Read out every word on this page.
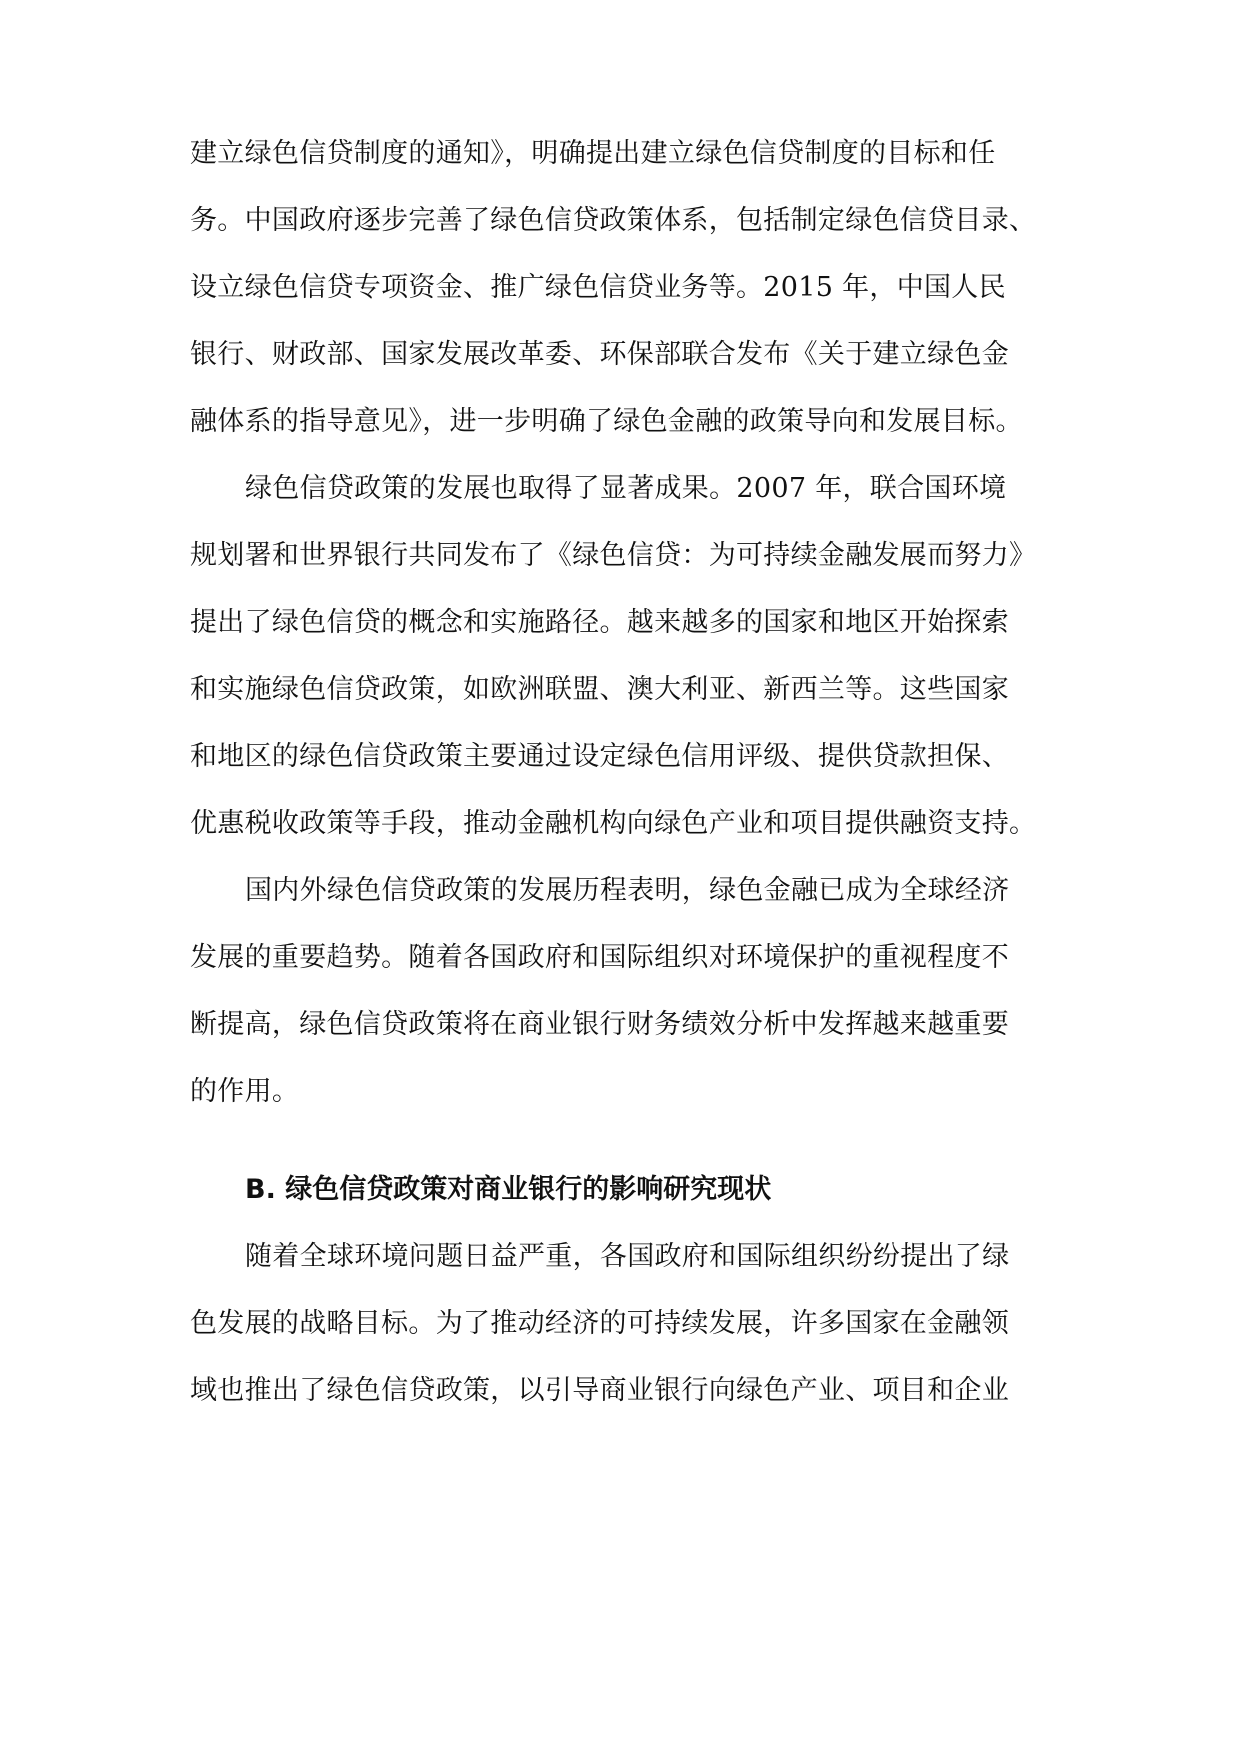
建立绿色信贷制度的通知》，明确提出建立绿色信贷制度的目标和任
务。中国政府逐步完善了绿色信贷政策体系，包括制定绿色信贷目录、
设立绿色信贷专项资金、推广绿色信贷业务等。2015 年，中国人民
银行、财政部、国家发展改革委、环保部联合发布《关于建立绿色金
融体系的指导意见》，进一步明确了绿色金融的政策导向和发展目标。
绿色信贷政策的发展也取得了显著成果。2007 年，联合国环境
规划署和世界银行共同发布了《绿色信贷：为可持续金融发展而努力》
提出了绿色信贷的概念和实施路径。越来越多的国家和地区开始探索
和实施绿色信贷政策，如欧洲联盟、澳大利亚、新西兰等。这些国家
和地区的绿色信贷政策主要通过设定绿色信用评级、提供贷款担保、
优惠税收政策等手段，推动金融机构向绿色产业和项目提供融资支持。
国内外绿色信贷政策的发展历程表明，绿色金融已成为全球经济
发展的重要趋势。随着各国政府和国际组织对环境保护的重视程度不
断提高，绿色信贷政策将在商业银行财务绩效分析中发挥越来越重要
的作用。
B. 绿色信贷政策对商业银行的影响研究现状
随着全球环境问题日益严重，各国政府和国际组织纷纷提出了绿
色发展的战略目标。为了推动经济的可持续发展，许多国家在金融领
域也推出了绿色信贷政策，以引导商业银行向绿色产业、项目和企业
